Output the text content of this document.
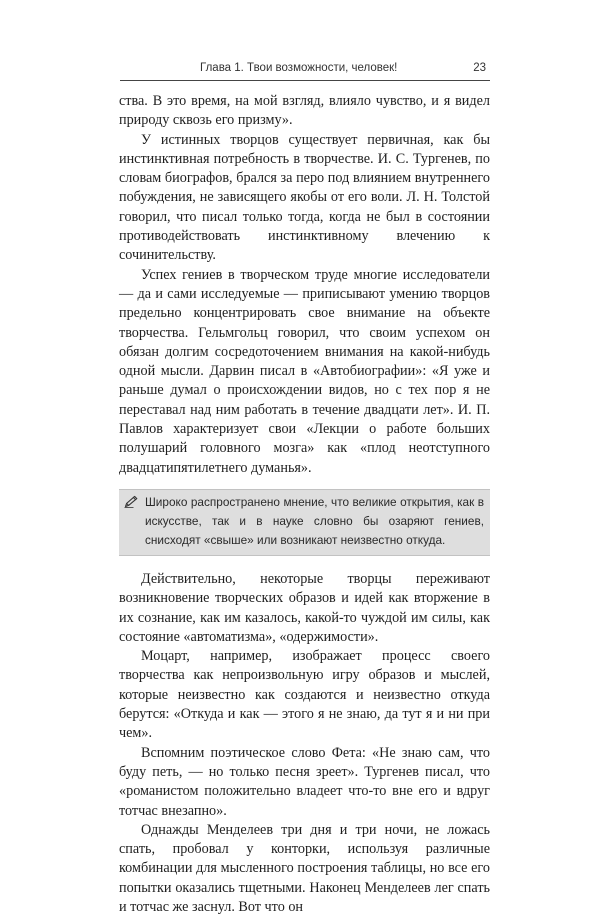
Глава 1. Твои возможности, человек!	23

ства. В это время, на мой взгляд, влияло чувство, и я видел природу сквозь его призму».

У истинных творцов существует первичная, как бы инстинктивная потребность в творчестве. И. С. Тургенев, по словам биографов, брался за перо под влиянием внутреннего побуждения, не зависящего якобы от его воли. Л. Н. Толстой говорил, что писал только тогда, когда не был в состоянии противодействовать инстинктивному влечению к сочинительству.

Успех гениев в творческом труде многие исследователи — да и сами исследуемые — приписывают умению творцов предельно концентрировать свое внимание на объекте творчества. Гельмгольц говорил, что своим успехом он обязан долгим сосредоточением внимания на какой-нибудь одной мысли. Дарвин писал в «Автобиографии»: «Я уже и раньше думал о происхождении видов, но с тех пор я не переставал над ним работать в течение двадцати лет». И. П. Павлов характеризует свои «Лекции о работе больших полушарий головного мозга» как «плод неотступного двадцатипятилетнего думанья».

Широко распространено мнение, что великие открытия, как в искусстве, так и в науке словно бы озаряют гениев, снисходят «свыше» или возникают неизвестно откуда.

Действительно, некоторые творцы переживают возникновение творческих образов и идей как вторжение в их сознание, как им казалось, какой-то чуждой им силы, как состояние «автоматизма», «одержимости».

Моцарт, например, изображает процесс своего творчества как непроизвольную игру образов и мыслей, которые неизвестно как создаются и неизвестно откуда берутся: «Откуда и как — этого я не знаю, да тут я и ни при чем».

Вспомним поэтическое слово Фета: «Не знаю сам, что буду петь, — но только песня зреет». Тургенев писал, что «романистом положительно владеет что-то вне его и вдруг тотчас внезапно».

Однажды Менделеев три дня и три ночи, не ложась спать, пробовал у конторки, используя различные комбинации для мысленного построения таблицы, но все его попытки оказались тщетными. Наконец Менделеев лег спать и тотчас же заснул. Вот что он
